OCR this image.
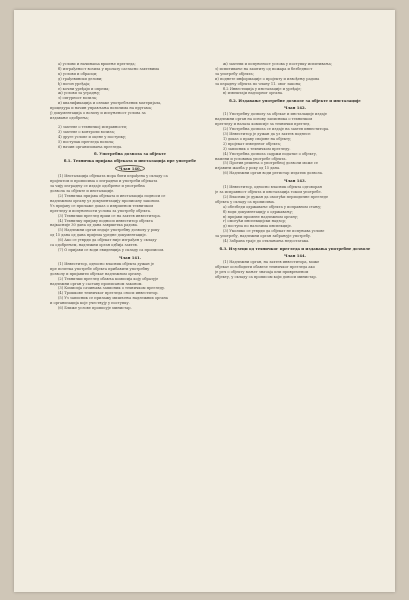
а) услови и начинаmа вршење прегледа;
б) изграђеност возила у пролазу сагласно захтевима
ц) услови и обрасци;
д) грађевински делови;
ђ) погон уређаја;
е) кочни уређаји и опрема;
ж) услови за уградњу;
з) сигурност возила;
и) квалификација и ознаке употребљених материјала,
процедура и начин управљања возилима на пругама;
ј) документација о возилу и испуњеност услова за
издавање одобрења;
2) захтеве о техничкој исправности;
3) захтеве о контроли возила;
4) друге услове и оцене у поступку;
5) поступак прегледа возила;
6) начин организовања прегледа.
б. Употребна дозвола за објекте
б.1. Техничка пријава објеката и инсталација пре употребе
Члан 140.
(1) Инсталација објеката мора бити израђена у складу са
пројектом и прописима о изградњи и употреби објеката
за чију изградњу се издаје одобрење и употребна
дозвола за објекте и инсталације.
(2) Техничка пријава објеката и инсталација подноси се
надлежном органу уз документацију прописану законом.
Уз пријаву се прилаже доказ о извршеном техничком
прегледу и испуњености услова за употребу објекта.
(3) Технички преглед врши се на захтев инвеститора.
(4) Техничку пријаву подноси инвеститор објекта
најкасније 30 дана од дана завршетка радова.
(5) Надлежни орган издаје употребну дозволу у року
од 15 дана од дана пријема уредне документације.
(6) Ако се утврди да објекат није изграђен у складу
са одобрењем, надлежни орган одбија захтев.
(7) О пријави се води евиденција у складу са прописом.
Члан 141.
(1) Инвеститор, односно власник објекта дужан је
пре почетка употребе објекта прибавити употребну
дозволу и пријавити објекат надлежном органу.
(2) Технички преглед обавља комисија коју образује
надлежни орган у саставу прописаном законом.
(3) Комисија сачињава записник о техничком прегледу.
(4) Трошкове техничког прегледа сноси инвеститор.
(5) Уз записник се прилажу мишљења надлежних органа
и организација које учествују у поступку.
(6) Ближе услове прописује министар.
ж) захтеви и испуњеност услова у поступку испитивања;
з) испитивање на заштиту од пожара и безбедност
за употребу објекта;
и) поднете информације о пројекту и извођењу радова
за израдњу објекта по члану 11. овог закона;
б.2 Инвестиција у инсталације и уређаје;
в) извештаји надзорног органа.
б.2. Издавање употребне дозволе за објекте и инсталације
Члан 142.
(1) Употребну дозволу за објекат и инсталације издаје
надлежни орган на основу записника о техничком
прегледу и налаза комисије за технички преглед.
(2) Употребна дозвола се издаје на захтев инвеститора.
(3) Инвеститор је дужан да уз захтев поднесе:
1) доказ о праву својине на објекту;
2) пројекат изведеног објекта;
3) записник о техничком прегледу.
(4) Употребна дозвола садржи податке о објекту,
намени и условима употребе објекта.
(5) Против решења о употребној дозволи може се
изјавити жалба у року од 15 дана.
(6) Надлежни орган води регистар издатих дозвола.
Члан 143.
(1) Инвеститор, односно власник објекта одговоран
је за исправност објекта и инсталација током употребе.
(2) Власник је дужан да омогући периодичне прегледе
објекта у складу са прописима.
а) обезбеди одржавање објекта у исправном стању;
б) води документацију о одржавању;
в) пријави промене надлежном органу;
г) омогући инспекцијски надзор;
д) поступа по налозима инспекције.
(3) Уколико се утврди да објекат не испуњава услове
за употребу, надлежни орган забрањује употребу.
(4) Забрана траје до отклањања недостатака.
б.3. Изузеци од техничког прегледа и издавања употребне дозволе
Члан 144.
(1) Надлежни орган, на захтев инвеститора, може
објекат ослободити обавезе техничког прегледа ако
је реч о објекту мањег значаја или привременом
објекту, у складу са прописом који доноси министар.
